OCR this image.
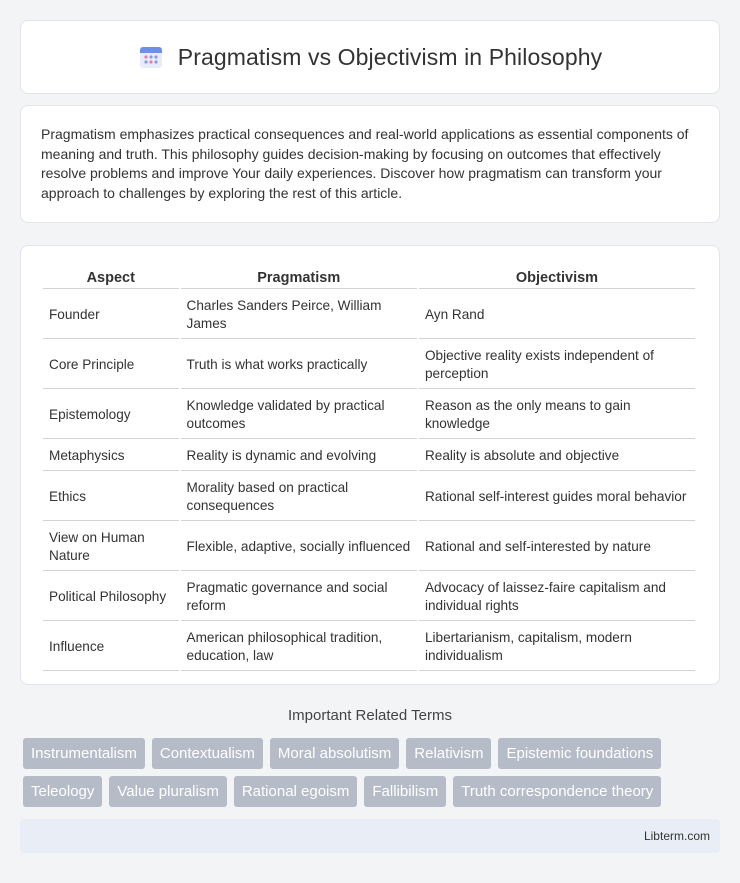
Pragmatism vs Objectivism in Philosophy

Pragmatism emphasizes practical consequences and real-world applications as essential components of meaning and truth. This philosophy guides decision-making by focusing on outcomes that effectively resolve problems and improve Your daily experiences. Discover how pragmatism can transform your approach to challenges by exploring the rest of this article.

Aspect	Pragmatism	Objectivism
Founder	Charles Sanders Peirce, William James	Ayn Rand
Core Principle	Truth is what works practically	Objective reality exists independent of perception
Epistemology	Knowledge validated by practical outcomes	Reason as the only means to gain knowledge
Metaphysics	Reality is dynamic and evolving	Reality is absolute and objective
Ethics	Morality based on practical consequences	Rational self-interest guides moral behavior
View on Human Nature	Flexible, adaptive, socially influenced	Rational and self-interested by nature
Political Philosophy	Pragmatic governance and social reform	Advocacy of laissez-faire capitalism and individual rights
Influence	American philosophical tradition, education, law	Libertarianism, capitalism, modern individualism
Important Related Terms
Instrumentalism	Contextualism	Moral absolutism	Relativism	Epistemic foundations
Teleology	Value pluralism	Rational egoism	Fallibilism	Truth correspondence theory
Libterm.com
